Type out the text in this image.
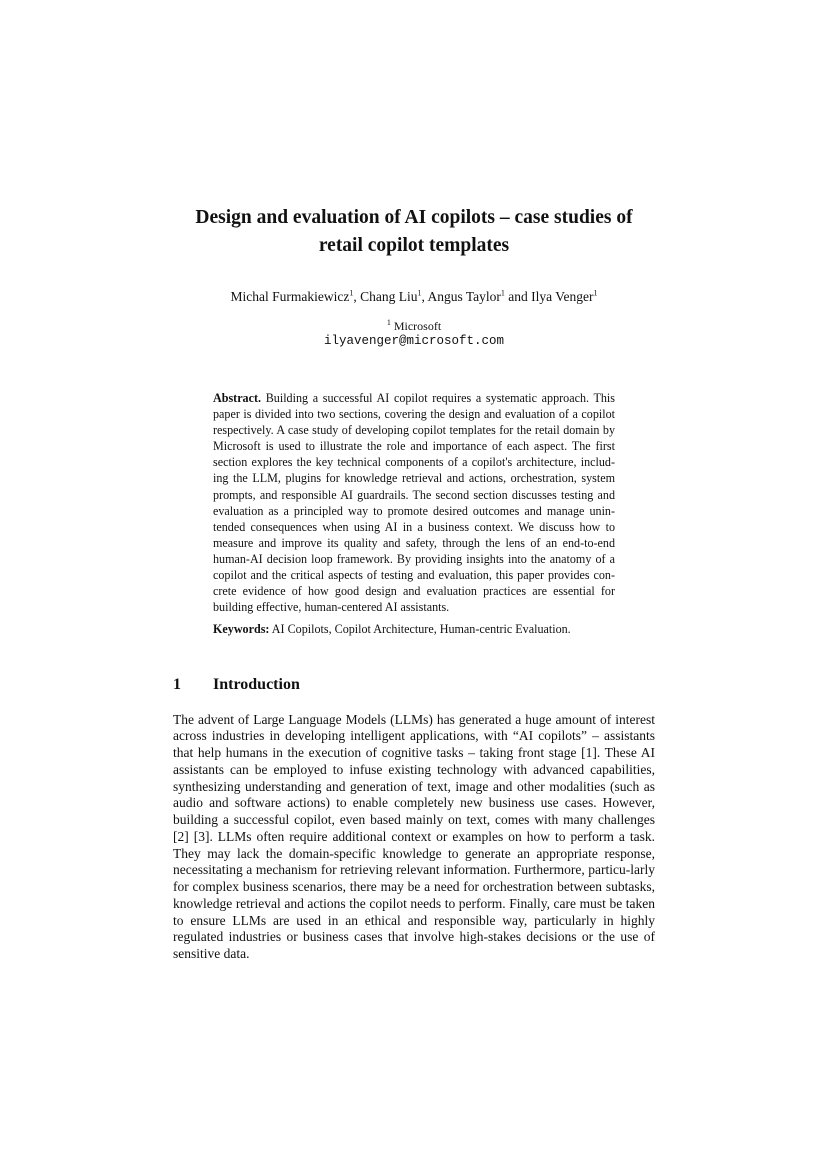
Design and evaluation of AI copilots – case studies of
retail copilot templates
Michal Furmakiewicz$^1$, Chang Liu$^1$, Angus Taylor$^1$ and Ilya Venger$^1$
$^1$ Microsoft
ilyavenger@microsoft.com
Abstract. Building a successful AI copilot requires a systematic approach. This paper is divided into two sections, covering the design and evaluation of a copilot respectively. A case study of developing copilot templates for the retail domain by Microsoft is used to illustrate the role and importance of each aspect. The first section explores the key technical components of a copilot's architecture, includ-ing the LLM, plugins for knowledge retrieval and actions, orchestration, system prompts, and responsible AI guardrails. The second section discusses testing and evaluation as a principled way to promote desired outcomes and manage unin-tended consequences when using AI in a business context. We discuss how to measure and improve its quality and safety, through the lens of an end-to-end human-AI decision loop framework. By providing insights into the anatomy of a copilot and the critical aspects of testing and evaluation, this paper provides con-crete evidence of how good design and evaluation practices are essential for building effective, human-centered AI assistants.
Keywords: AI Copilots, Copilot Architecture, Human-centric Evaluation.
1 Introduction

The advent of Large Language Models (LLMs) has generated a huge amount of interest across industries in developing intelligent applications, with “AI copilots” – assistants that help humans in the execution of cognitive tasks – taking front stage [1]. These AI assistants can be employed to infuse existing technology with advanced capabilities, synthesizing understanding and generation of text, image and other modalities (such as audio and software actions) to enable completely new business use cases. However, building a successful copilot, even based mainly on text, comes with many challenges [2] [3]. LLMs often require additional context or examples on how to perform a task. They may lack the domain-specific knowledge to generate an appropriate response, necessitating a mechanism for retrieving relevant information. Furthermore, particu-larly for complex business scenarios, there may be a need for orchestration between subtasks, knowledge retrieval and actions the copilot needs to perform. Finally, care must be taken to ensure LLMs are used in an ethical and responsible way, particularly in highly regulated industries or business cases that involve high-stakes decisions or the use of sensitive data.
